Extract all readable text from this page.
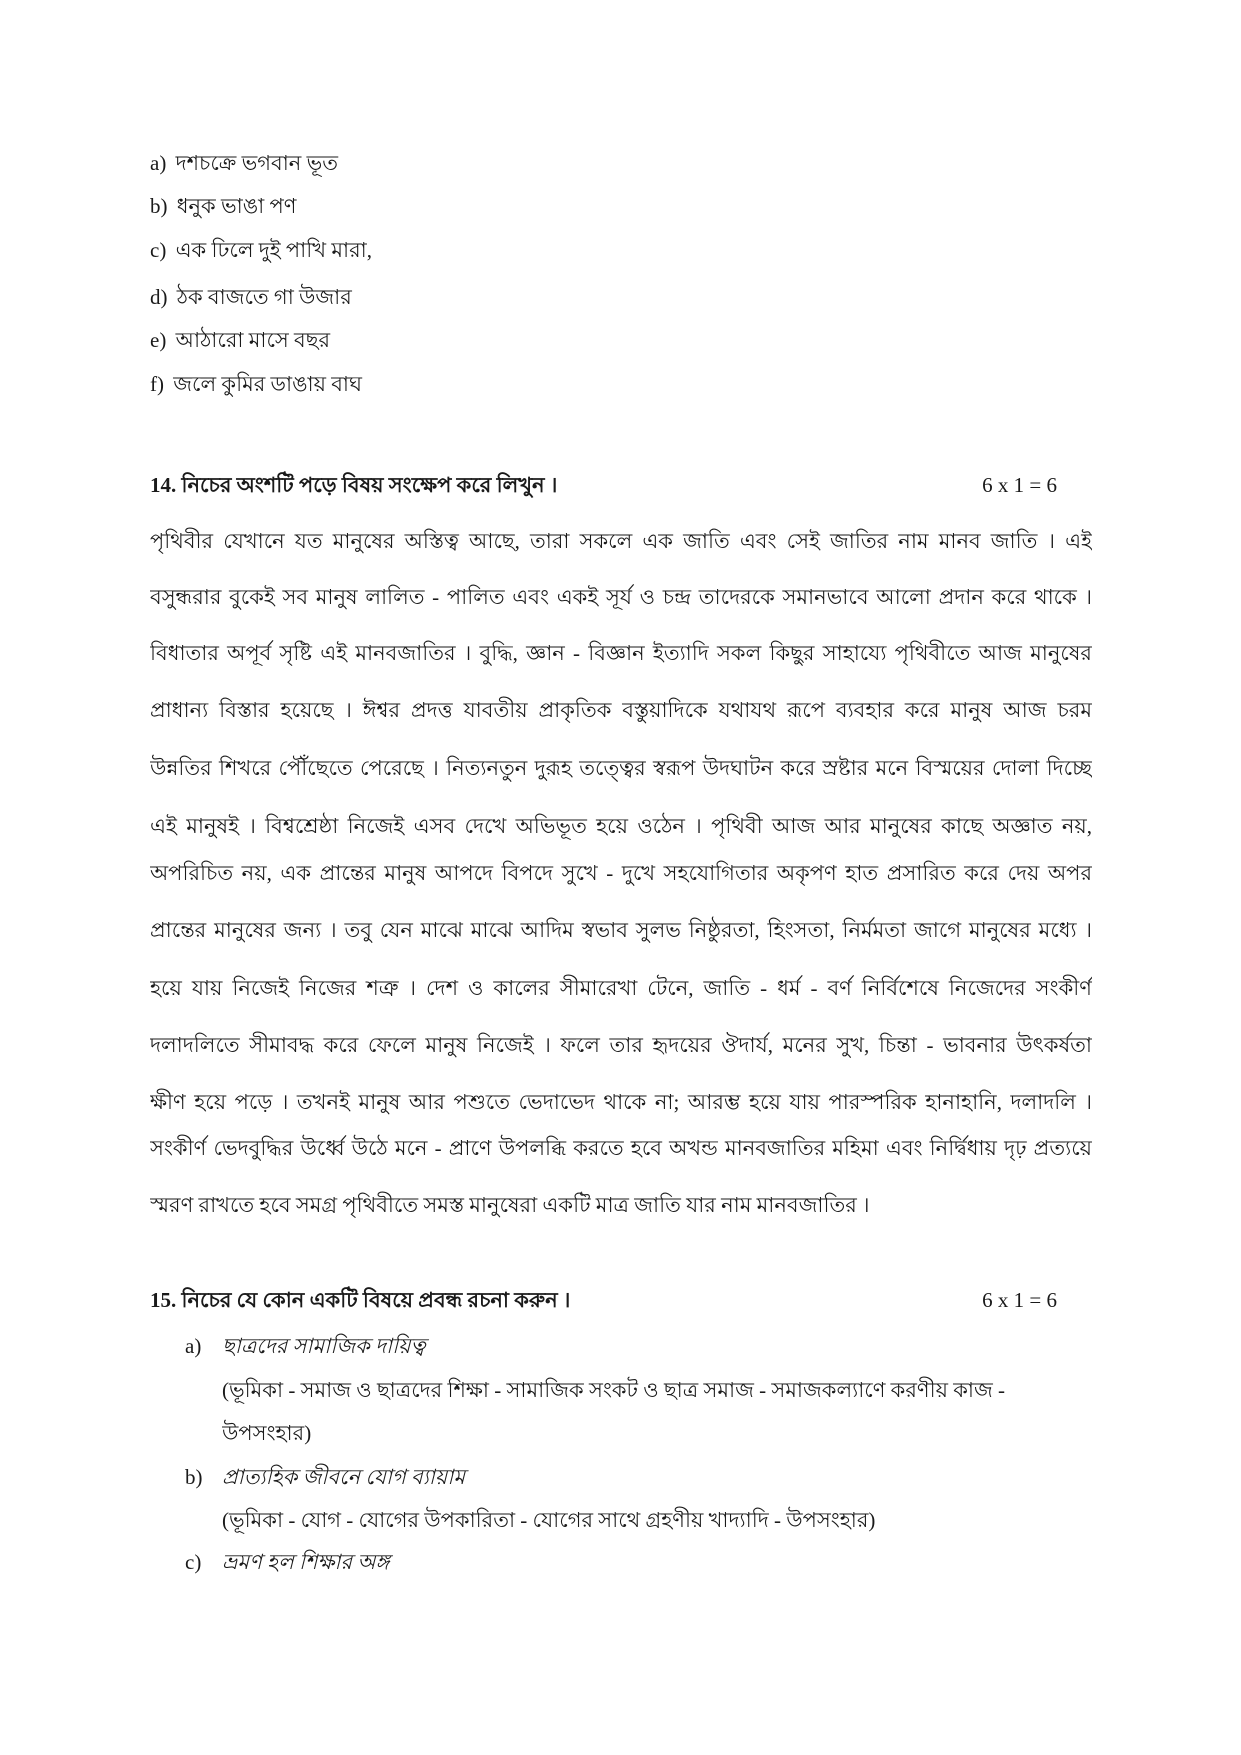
a) দশচক্রে ভগবান ভূত
b) ধনুক ভাঙা পণ
c) এক ঢিলে দুই পাখি মারা,
d) ঠক বাজতে গা উজার
e) আঠারো মাসে বছর
f) জলে কুমির ডাঙায় বাঘ
14. নিচের অংশটি পড়ে বিষয় সংক্ষেপ করে লিখুন ।	6 x 1 = 6
পৃথিবীর যেখানে যত মানুষের অস্তিত্ব আছে, তারা সকলে এক জাতি এবং সেই জাতির নাম মানব জাতি । এই
বসুন্ধরার বুকেই সব মানুষ লালিত - পালিত এবং একই সূর্য ও চন্দ্র তাদেরকে সমানভাবে আলো প্রদান করে থাকে ।
বিধাতার অপূর্ব সৃষ্টি এই মানবজাতির । বুদ্ধি, জ্ঞান - বিজ্ঞান ইত্যাদি সকল কিছুর সাহায্যে পৃথিবীতে আজ মানুষের
প্রাধান্য বিস্তার হয়েছে । ঈশ্বর প্রদত্ত যাবতীয় প্রাকৃতিক বস্তুয়াদিকে যথাযথ রূপে ব্যবহার করে মানুষ আজ চরম
উন্নতির শিখরে পৌঁছেতে পেরেছে । নিত্যনতুন দুরূহ তত্ত্বের স্বরূপ উদঘাটন করে স্রষ্টার মনে বিস্ময়ের দোলা দিচ্ছে
এই মানুষই । বিশ্বশ্রেষ্ঠা নিজেই এসব দেখে অভিভূত হয়ে ওঠেন । পৃথিবী আজ আর মানুষের কাছে অজ্ঞাত নয়,
অপরিচিত নয়, এক প্রান্তের মানুষ আপদে বিপদে সুখে - দুখে সহযোগিতার অকৃপণ হাত প্রসারিত করে দেয় অপর
প্রান্তের মানুষের জন্য । তবু যেন মাঝে মাঝে আদিম স্বভাব সুলভ নিষ্ঠুরতা, হিংসতা, নির্মমতা জাগে মানুষের মধ্যে ।
হয়ে যায় নিজেই নিজের শত্রু । দেশ ও কালের সীমারেখা টেনে, জাতি - ধর্ম - বর্ণ নির্বিশেষে নিজেদের সংকীর্ণ
দলাদলিতে সীমাবদ্ধ করে ফেলে মানুষ নিজেই । ফলে তার হৃদয়ের ঔদার্য, মনের সুখ, চিন্তা - ভাবনার উৎকর্ষতা
ক্ষীণ হয়ে পড়ে । তখনই মানুষ আর পশুতে ভেদাভেদ থাকে না; আরম্ভ হয়ে যায় পারস্পরিক হানাহানি, দলাদলি ।
সংকীর্ণ ভেদবুদ্ধির উর্ধ্বে উঠে মনে - প্রাণে উপলব্ধি করতে হবে অখন্ড মানবজাতির মহিমা এবং নির্দ্বিধায় দৃঢ় প্রত্যয়ে
স্মরণ রাখতে হবে সমগ্র পৃথিবীতে সমস্ত মানুষেরা একটি মাত্র জাতি যার নাম মানবজাতির ।
15. নিচের যে কোন একটি বিষয়ে প্রবন্ধ রচনা করুন ।	6 x 1 = 6
a) ছাত্রদের সামাজিক দায়িত্ব
(ভূমিকা - সমাজ ও ছাত্রদের শিক্ষা - সামাজিক সংকট ও ছাত্র সমাজ - সমাজকল্যাণে করণীয় কাজ -
উপসংহার)
b) প্রাত্যহিক জীবনে যোগ ব্যায়াম
(ভূমিকা - যোগ - যোগের উপকারিতা - যোগের সাথে গ্রহণীয় খাদ্যাদি - উপসংহার)
c) ভ্রমণ হল শিক্ষার অঙ্গ
